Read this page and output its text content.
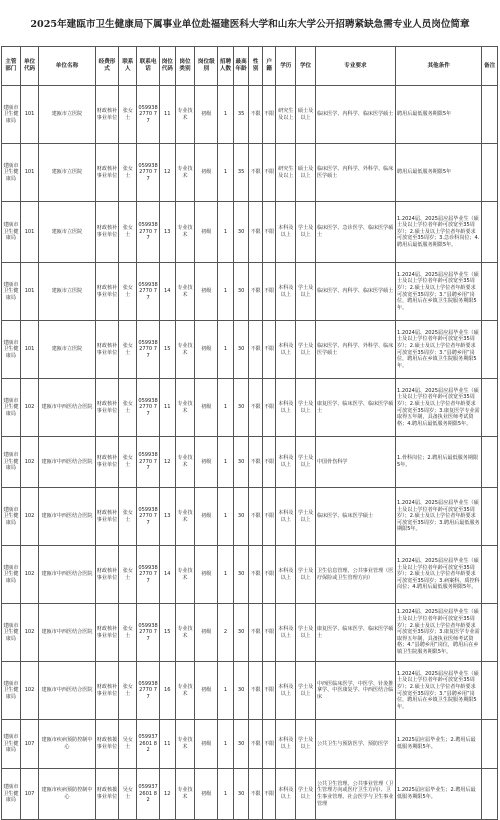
2025年建瓯市卫生健康局下属事业单位赴福建医科大学和山东大学公开招聘紧缺急需专业人员岗位简章
主管部门	单位代码	单位名称	经费形式	联系人	联系电话	岗位代码	岗位类别	岗位级别	招聘人数	最高年龄	性别	户籍	学历	学位	专业要求	其他条件	备注
建瓯市卫生健康局	101	建瓯市立医院	财政核补事业单位	张女士	0599382770 77	11	专业技术	初级	1	35	不限	不限	研究生及以上	硕士及以上	临床医学、内科学、临床医学硕士	聘用后最低服务期限5年	
建瓯市卫生健康局	101	建瓯市立医院	财政核补事业单位	张女士	0599382770 77	12	专业技术	初级	1	35	不限	不限	研究生及以上	硕士及以上	临床医学、内科学、外科学、临床医学硕士	聘用后最低服务期限5年	
建瓯市卫生健康局	101	建瓯市立医院	财政核补事业单位	张女士	0599382770 77	13	专业技术	初级	1	30	不限	不限	本科及以上	学士及以上	临床医学、急诊医学、临床医学硕士	1.2024届、2025届应届毕业生（硕士及以上学位者年龄可放宽至35周岁）；2.硕士及以上学位者年龄要求可放宽至35周岁；3.急诊科岗位；4.聘用后最低服务期限5年。	
建瓯市卫生健康局	101	建瓯市立医院	财政核补事业单位	张女士	0599382770 77	14	专业技术	初级	1	30	不限	不限	本科及以上	学士及以上	临床医学、内科学、临床医学硕士	1.2024届、2025届应届毕业生（硕士及以上学位者年龄可放宽至35周岁）；2.硕士及以上学位者年龄要求可放宽至35周岁；3.“县聘乡用”岗位，聘用后在乡镇卫生院服务期限5年。	
建瓯市卫生健康局	101	建瓯市立医院	财政核补事业单位	张女士	0599382770 77	15	专业技术	初级	1	30	不限	不限	本科及以上	学士及以上	临床医学、内科学、外科学、临床医学硕士	1.2024届、2025届应届毕业生（硕士及以上学位者年龄可放宽至35周岁）；2.硕士及以上学位者年龄要求可放宽至35周岁；3.“县聘乡用”岗位，聘用后在乡镇卫生院服务期限5年。	
建瓯市卫生健康局	102	建瓯市中西医结合医院	财政核补事业单位	张女士	0599382770 77	11	专业技术	初级	1	30	不限	不限	本科及以上	学士及以上	康复医学、临床医学、临床医学硕士	1.2024届、2025届应届毕业生（硕士及以上学位者年龄可放宽至35周岁）；2.硕士及以上学位者年龄要求可放宽至35周岁；3.康复医学专业需取得五年制，具备执业医师考试资格；4.聘用后最低服务期限5年。	
建瓯市卫生健康局	102	建瓯市中西医结合医院	财政核补事业单位	张女士	0599382770 77	12	专业技术	初级	1	30	不限	不限	本科及以上	学士及以上	中国骨伤科学	1.骨科岗位；2.聘用后最低服务期限5年。	
建瓯市卫生健康局	102	建瓯市中西医结合医院	财政核补事业单位	张女士	0599382770 77	13	专业技术	初级	1	30	不限	不限	本科及以上	学士及以上	临床医学、临床医学硕士	1.2024届、2025届应届毕业生（硕士及以上学位者年龄可放宽至35周岁）；2.硕士及以上学位者年龄要求可放宽至35周岁；3.聘用后最低服务期限5年。	
建瓯市卫生健康局	102	建瓯市中西医结合医院	财政核补事业单位	张女士	0599382770 77	14	专业技术	初级	1	30	不限	不限	本科及以上	学士及以上	卫生信息管理、公共事业管理（医疗保险或卫生管理方向）	1.2024届、2025届应届毕业生（硕士及以上学位者年龄可放宽至35周岁）；2.硕士及以上学位者年龄要求可放宽至35周岁；3.病案科、质控科岗位；4.聘用后最低服务期限5年。	
建瓯市卫生健康局	102	建瓯市中西医结合医院	财政核补事业单位	张女士	0599382770 77	15	专业技术	初级	2	30	不限	不限	本科及以上	学士及以上	康复医学、临床医学、临床医学硕士	1.2024届、2025届应届毕业生（硕士及以上学位者年龄可放宽至35周岁）；2.硕士及以上学位者年龄要求可放宽至35周岁；3.康复医学专业需取得五年制，具备执业医师考试资格；4.“县聘乡用”岗位，聘用后在乡镇卫生院服务期限5年。	
建瓯市卫生健康局	102	建瓯市中西医结合医院	财政核补事业单位	张女士	0599382770 77	16	专业技术	初级	1	30	不限	不限	本科及以上	学士及以上	中西医临床医学、中医学、针灸推拿学、中医康复学、中西医结合临床	1.2024届、2025届应届毕业生（硕士及以上学位者年龄可放宽至35周岁）；2.硕士及以上学位者年龄要求可放宽至35周岁；3.“县聘乡用”岗位，聘用后在乡镇卫生院服务期限5年。	
建瓯市卫生健康局	107	建瓯市疾病预防控制中心	财政核拨事业单位	吴女士	0599372601 82	11	专业技术	初级	1	30	不限	不限	本科及以上	学士及以上	公共卫生与预防医学、预防医学	1.2025届应届毕业生；2.聘用后最低服务期限5年。	
建瓯市卫生健康局	107	建瓯市疾病预防控制中心	财政核拨事业单位	吴女士	0599372601 82	12	专业技术	初级	1	30	不限	不限	本科及以上	学士及以上	公共卫生管理、公共事业管理（卫生管理方向或医疗卫生方向）、卫生事业管理、社会医学与卫生事业管理	1.2025届应届毕业生；2.聘用后最低服务期限5年。	
